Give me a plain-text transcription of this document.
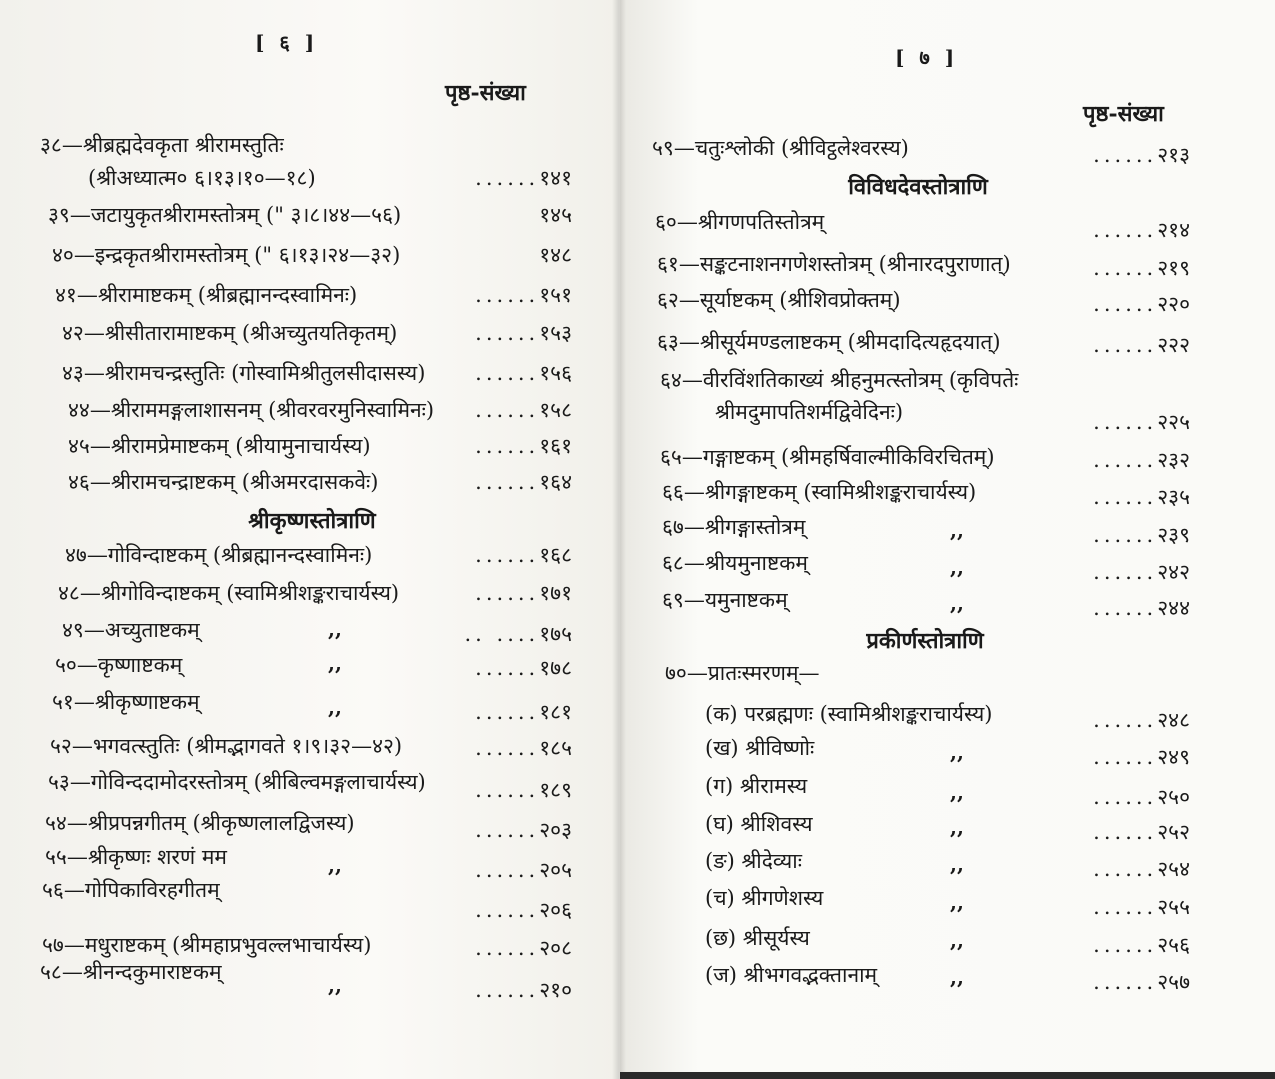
[ ६ ]
पृष्ठ-संख्या
३८—श्रीब्रह्मदेवकृता श्रीरामस्तुतिः
(श्रीअध्यात्म० ६।१३।१०—१८)	......१४१
३९—जटायुकृतश्रीरामस्तोत्रम् (" ३।८।४४—५६)	१४५
४०—इन्द्रकृतश्रीरामस्तोत्रम् (" ६।१३।२४—३२)	१४८
४१—श्रीरामाष्टकम् (श्रीब्रह्मानन्दस्वामिनः)	......१५१
४२—श्रीसीतारामाष्टकम् (श्रीअच्युतयतिकृतम्)	......१५३
४३—श्रीरामचन्द्रस्तुतिः (गोस्वामिश्रीतुलसीदासस्य) ......१५६
४४—श्रीराममङ्गलाशासनम् (श्रीवरवरमुनिस्वामिनः) ......१५८
४५—श्रीरामप्रेमाष्टकम् (श्रीयामुनाचार्यस्य)	......१६१
४६—श्रीरामचन्द्राष्टकम् (श्रीअमरदासकवेः)	......१६४
श्रीकृष्णस्तोत्राणि
४७—गोविन्दाष्टकम् (श्रीब्रह्मानन्दस्वामिनः)	......१६८
४८—श्रीगोविन्दाष्टकम् (स्वामिश्रीशङ्कराचार्यस्य)	......१७१
४९—अच्युताष्टकम्	,,	.. ....१७५
५०—कृष्णाष्टकम्	,,	......१७८
५१—श्रीकृष्णाष्टकम्	,,	......१८१
५२—भगवत्स्तुतिः (श्रीमद्भागवते १।९।३२—४२)	......१८५
५३—गोविन्ददामोदरस्तोत्रम् (श्रीबिल्वमङ्गलाचार्यस्य) ......१८९
५४—श्रीप्रपन्नगीतम् (श्रीकृष्णलालद्विजस्य)	......२०३
५५—श्रीकृष्णः शरणं मम	,,	......२०५
५६—गोपिकाविरहगीतम्
......२०६
५७—मधुराष्टकम् (श्रीमहाप्रभुवल्लभाचार्यस्य)	......२०८
५८—श्रीनन्दकुमाराष्टकम्
,,	......२१०
[ ७ ]
पृष्ठ-संख्या
५९—चतुःश्लोकी (श्रीविट्ठलेश्वरस्य)	......२१३
विविधदेवस्तोत्राणि
६०—श्रीगणपतिस्तोत्रम्	......२१४
६१—सङ्कटनाशनगणेशस्तोत्रम् (श्रीनारदपुराणात्)	......२१९
६२—सूर्याष्टकम् (श्रीशिवप्रोक्तम्)	......२२०
६३—श्रीसूर्यमण्डलाष्टकम् (श्रीमदादित्यहृदयात्)	......२२२
६४—वीरविंशतिकाख्यं श्रीहनुमत्स्तोत्रम् (कृविपतेः
श्रीमदुमापतिशर्मद्विवेदिनः)	......२२५
६५—गङ्गाष्टकम् (श्रीमहर्षिवाल्मीकिविरचितम्)	......२३२
६६—श्रीगङ्गाष्टकम् (स्वामिश्रीशङ्कराचार्यस्य)	......२३५
६७—श्रीगङ्गास्तोत्रम्	,,	......२३९
६८—श्रीयमुनाष्टकम्	,,	......२४२
६९—यमुनाष्टकम्	,,	......२४४
प्रकीर्णस्तोत्राणि
७०—प्रातःस्मरणम्—
(क) परब्रह्मणः (स्वामिश्रीशङ्कराचार्यस्य)	......२४८
(ख) श्रीविष्णोः	,,	......२४९
(ग) श्रीरामस्य	,,	......२५०
(घ) श्रीशिवस्य	,,	......२५२
(ङ) श्रीदेव्याः	,,	......२५४
(च) श्रीगणेशस्य	,,	......२५५
(छ) श्रीसूर्यस्य	,,	......२५६
(ज) श्रीभगवद्भक्तानाम्	,,	......२५७
